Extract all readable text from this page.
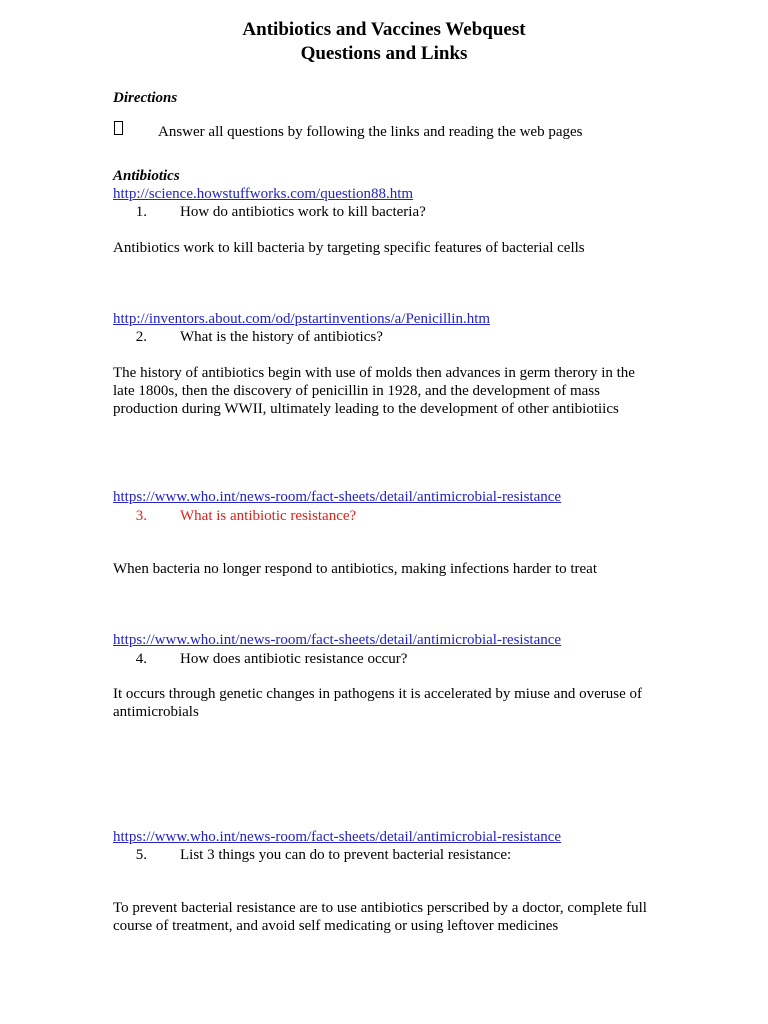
Antibiotics and Vaccines Webquest
Questions and Links
Directions
Answer all questions by following the links and reading the web pages
Antibiotics
http://science.howstuffworks.com/question88.htm
1. How do antibiotics work to kill bacteria?
Antibiotics work to kill bacteria by targeting specific features of bacterial cells
http://inventors.about.com/od/pstartinventions/a/Penicillin.htm
2. What is the history of antibiotics?
The history of antibiotics begin with use of molds then advances in germ therory in the late 1800s, then the discovery of penicillin in 1928, and the development of mass production during WWII, ultimately leading to the development of other antibiotiics
https://www.who.int/news-room/fact-sheets/detail/antimicrobial-resistance
3. What is antibiotic resistance?
When bacteria no longer respond to antibiotics, making infections harder to treat
https://www.who.int/news-room/fact-sheets/detail/antimicrobial-resistance
4. How does antibiotic resistance occur?
It occurs through genetic changes in pathogens it is accelerated by miuse and overuse of antimicrobials
https://www.who.int/news-room/fact-sheets/detail/antimicrobial-resistance
5. List 3 things you can do to prevent bacterial resistance:
To prevent bacterial resistance are to use antibiotics perscribed by a doctor, complete full course of treatment, and avoid self medicating or using leftover medicines
